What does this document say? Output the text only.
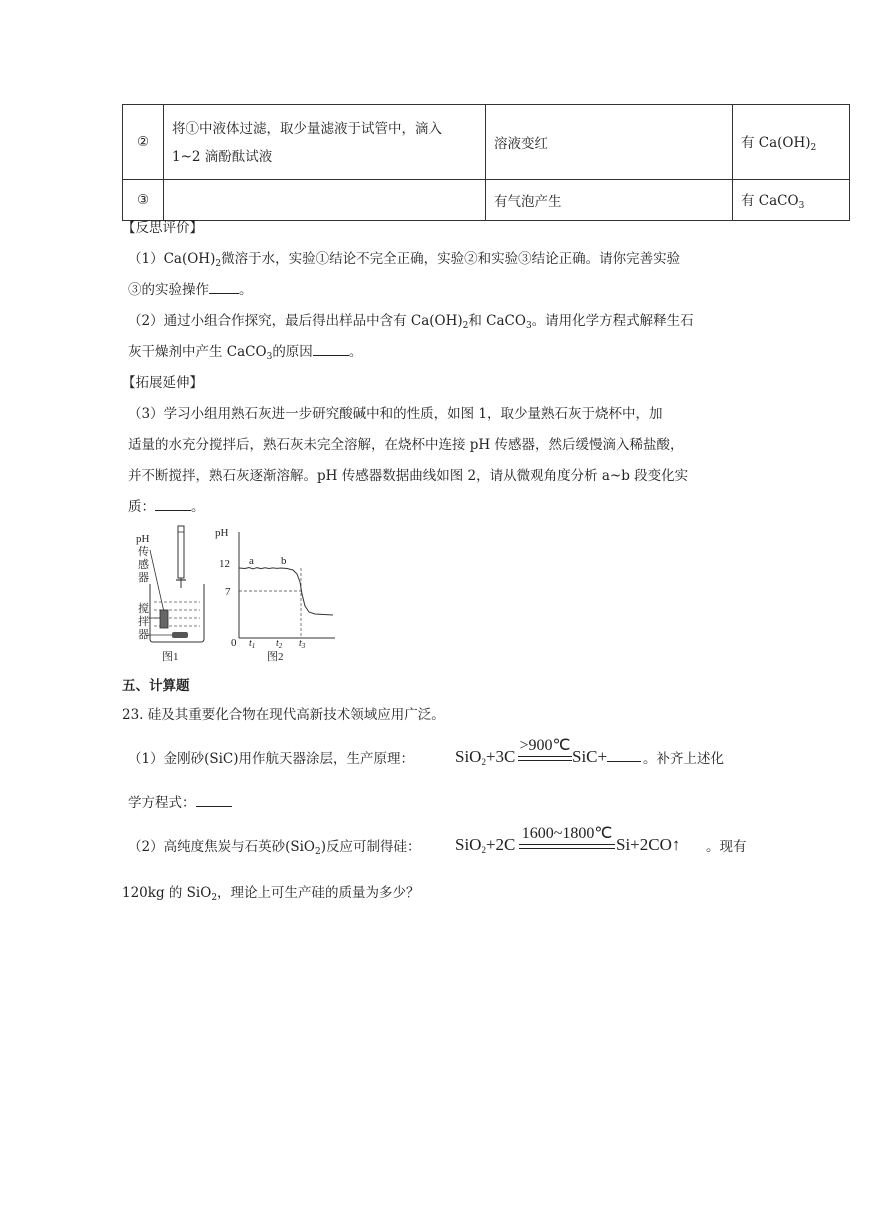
②	将①中液体过滤，取少量滤液于试管中，滴入
1~2 滴酚酞试液	溶液变红	有 $Ca(OH)_2$
③		有气泡产生	有 CaCO$_3$
【反思评价】
$(1)Ca(OH)_2$微溶于水，实验①结论不完全正确，实验②和实验③结论正确。请你完善实验
③的实验操作 。
（2）通过小组合作探究，最后得出样品中含有 $Ca(OH)_2$和 CaCO$_3$。请用化学方程式解释生石
灰干燥剂中产生 CaCO$_3$的原因	。
【拓展延伸】
（3）学习小组用熟石灰进一步研究酸碱中和的性质，如图 1，取少量熟石灰于烧杯中，加
适量的水充分搅拌后，熟石灰未完全溶解，在烧杯中连接 pH 传感器，然后缓慢滴入稀盐酸，
并不断搅拌，熟石灰逐渐溶解。pH 传感器数据曲线如图 2，请从微观角度分析 a~b 段变化实
质：	。
pH
传
感
器
搅
拌
器
图1
pH
12
7
0
a b
$t_1$ $t_2$ $t_3$
图2
五、计算题
23. 硅及其重要化合物在现代高新技术领域应用广泛。
（1）金刚砂(SiC)用作航天器涂层，生产原理： SiO$_2$+3C
>900℃
SiC+	。补齐上述化
学方程式：
（2）高纯度焦炭与石英砂(SiO$_2$)反应可制得硅： SiO$_2$+2C
1600~1800℃
Si+2CO↑ 。现有
120kg 的 SiO$_2$，理论上可生产硅的质量为多少？
